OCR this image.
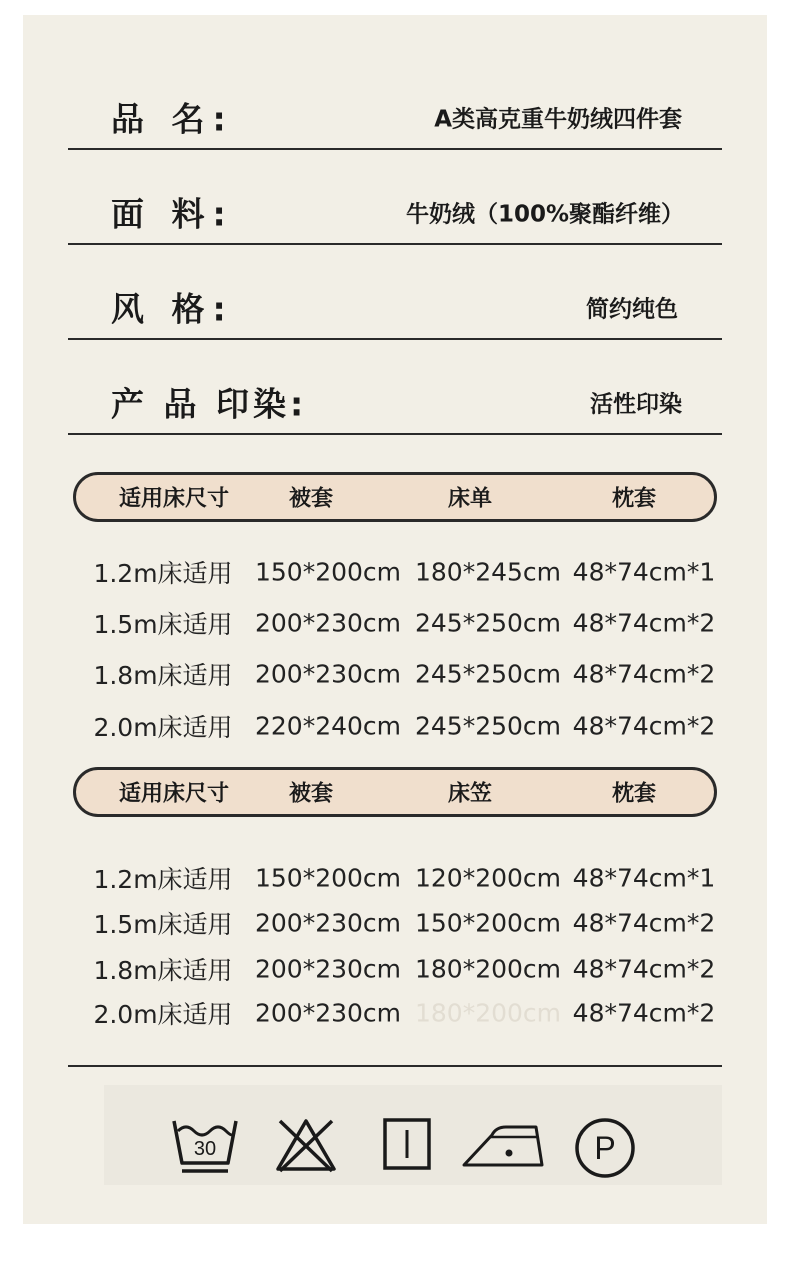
品 名:	A类高克重牛奶绒四件套
面 料:	牛奶绒（100%聚酯纤维）
风 格:	简约纯色
产 品 印染:	活性印染
适用床尺寸	被套	床单	枕套
1.2m床适用 150*200cm 180*245cm 48*74cm*1
1.5m床适用 200*230cm 245*250cm 48*74cm*2
1.8m床适用 200*230cm 245*250cm 48*74cm*2
2.0m床适用 220*240cm 245*250cm 48*74cm*2
适用床尺寸	被套	床笠	枕套
1.2m床适用 150*200cm 120*200cm 48*74cm*1
1.5m床适用 200*230cm 150*200cm 48*74cm*2
1.8m床适用 200*230cm 180*200cm 48*74cm*2
2.0m床适用 200*230cm 180*200cm 48*74cm*2
30	P
